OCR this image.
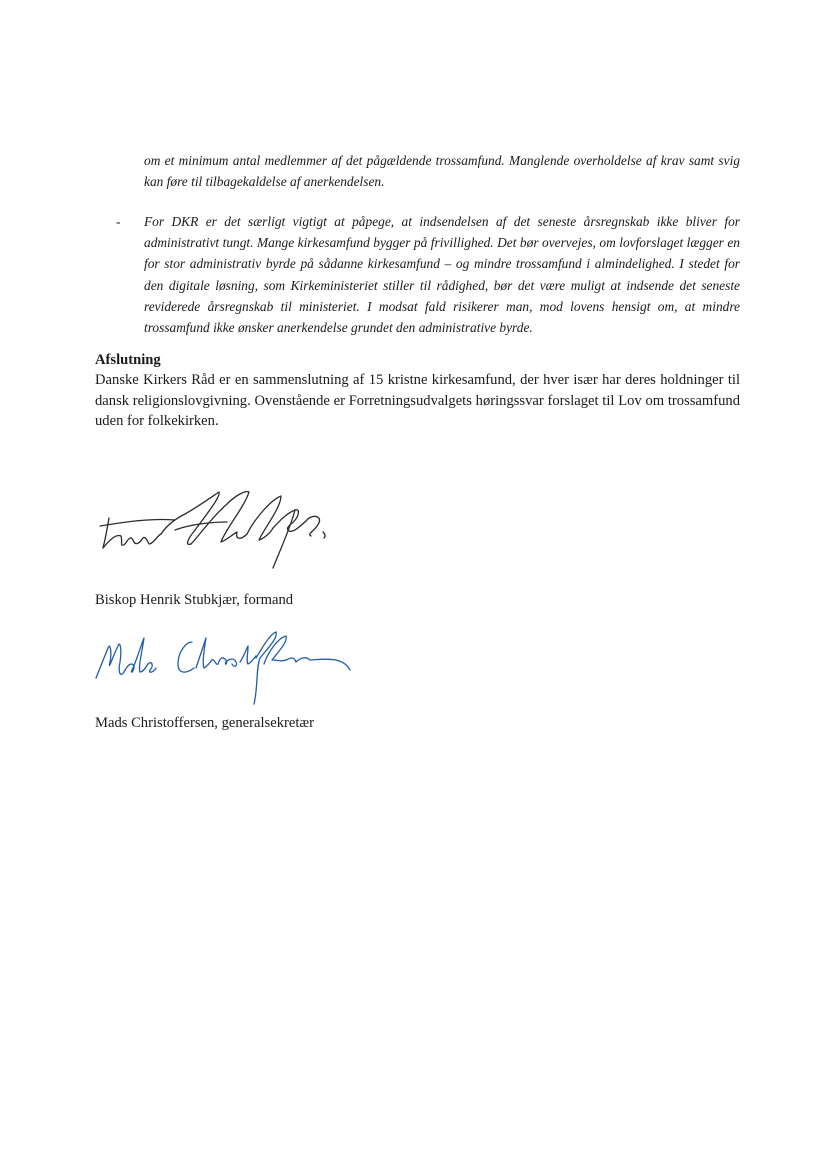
om et minimum antal medlemmer af det pågældende trossamfund. Manglende overholdelse af krav samt svig kan føre til tilbagekaldelse af anerkendelsen.

- For DKR er det særligt vigtigt at påpege, at indsendelsen af det seneste årsregnskab ikke bliver for administrativt tungt. Mange kirkesamfund bygger på frivillighed. Det bør overvejes, om lovforslaget lægger en for stor administrativ byrde på sådanne kirkesamfund – og mindre trossamfund i almindelighed. I stedet for den digitale løsning, som Kirkeministeriet stiller til rådighed, bør det være muligt at indsende det seneste reviderede årsregnskab til ministeriet. I modsat fald risikerer man, mod lovens hensigt om, at mindre trossamfund ikke ønsker anerkendelse grundet den administrative byrde.

Afslutning

Danske Kirkers Råd er en sammenslutning af 15 kristne kirkesamfund, der hver især har deres holdninger til dansk religionslovgivning. Ovenstående er Forretningsudvalgets høringssvar forslaget til Lov om trossamfund uden for folkekirken.

Biskop Henrik Stubkjær, formand

Mads Christoffersen, generalsekretær
